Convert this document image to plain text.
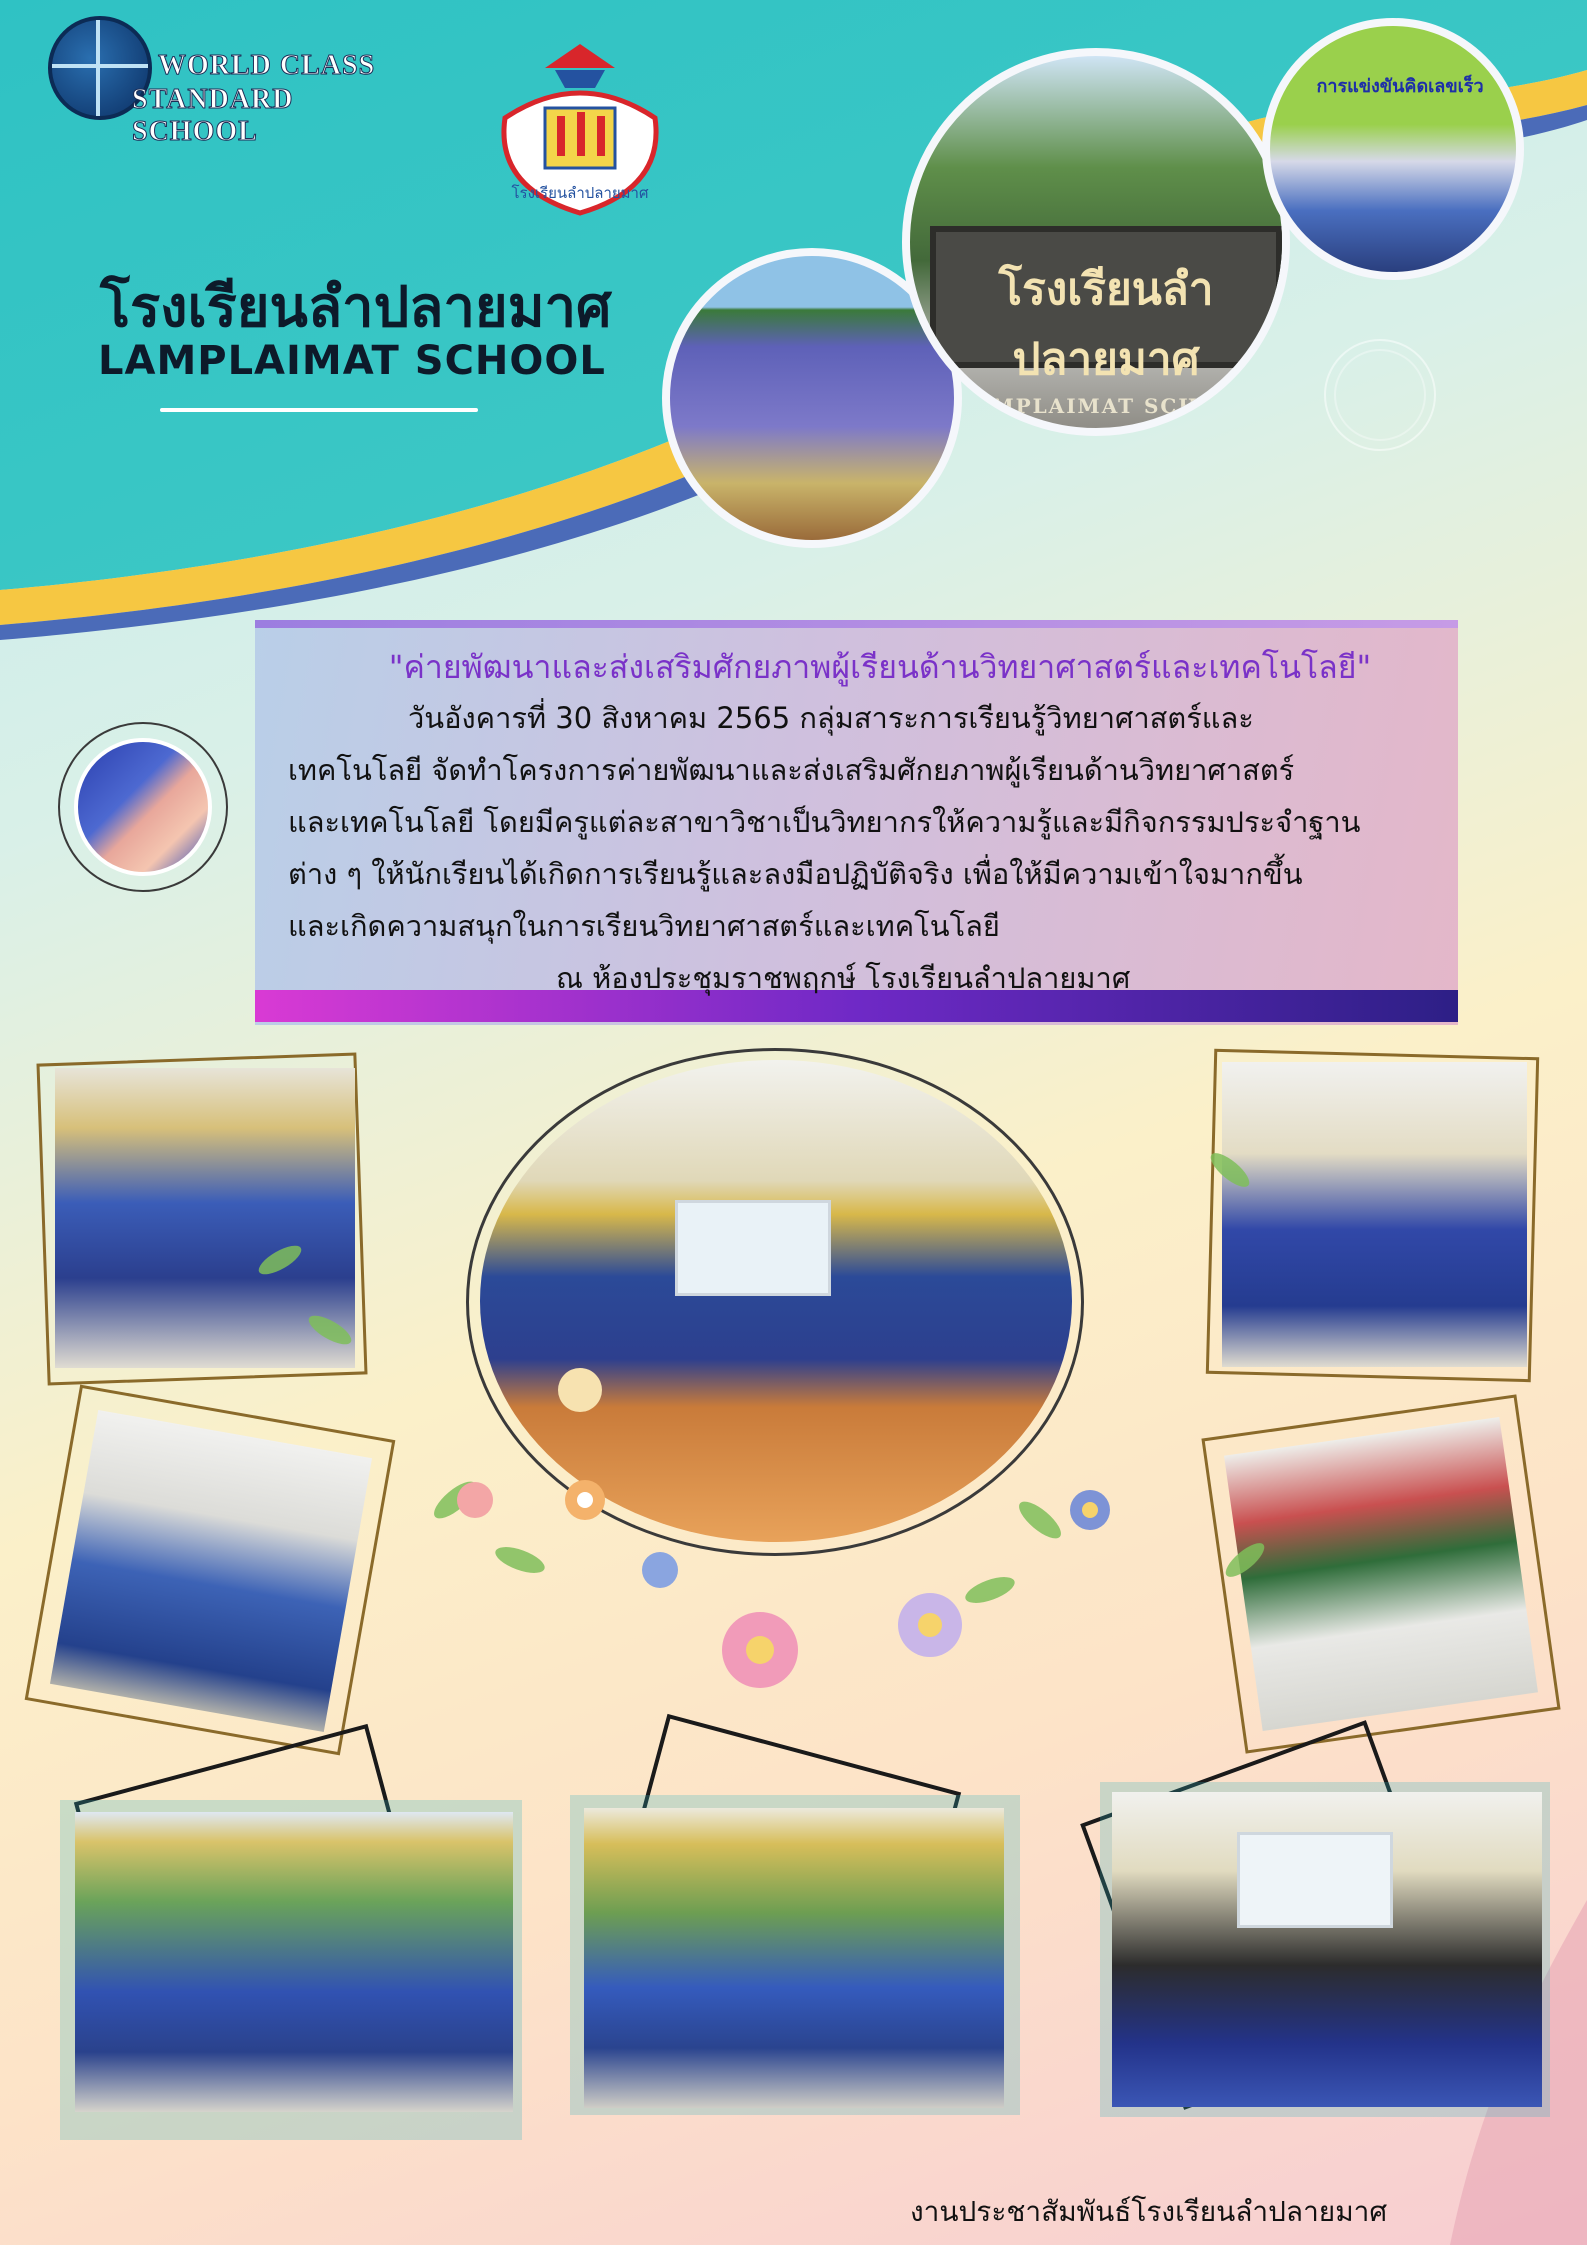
WORLD CLASS
STANDARD SCHOOL
โรงเรียนลำปลายมาศ
โรงเรียนลำปลายมาศ
LAMPLAIMAT SCHOOL
โรงเรียนลำปลายมาศ
LAMPLAIMAT SCHOOL
การแข่งขันคิดเลขเร็ว
"ค่ายพัฒนาและส่งเสริมศักยภาพผู้เรียนด้านวิทยาศาสตร์และเทคโนโลยี"
วันอังคารที่ 30 สิงหาคม 2565 กลุ่มสาระการเรียนรู้วิทยาศาสตร์และ
เทคโนโลยี จัดทำโครงการค่ายพัฒนาและส่งเสริมศักยภาพผู้เรียนด้านวิทยาศาสตร์
และเทคโนโลยี โดยมีครูแต่ละสาขาวิชาเป็นวิทยากรให้ความรู้และมีกิจกรรมประจำฐาน
ต่าง ๆ ให้นักเรียนได้เกิดการเรียนรู้และลงมือปฏิบัติจริง เพื่อให้มีความเข้าใจมากขึ้น
และเกิดความสนุกในการเรียนวิทยาศาสตร์และเทคโนโลยี
ณ ห้องประชุมราชพฤกษ์ โรงเรียนลำปลายมาศ
งานประชาสัมพันธ์โรงเรียนลำปลายมาศ
